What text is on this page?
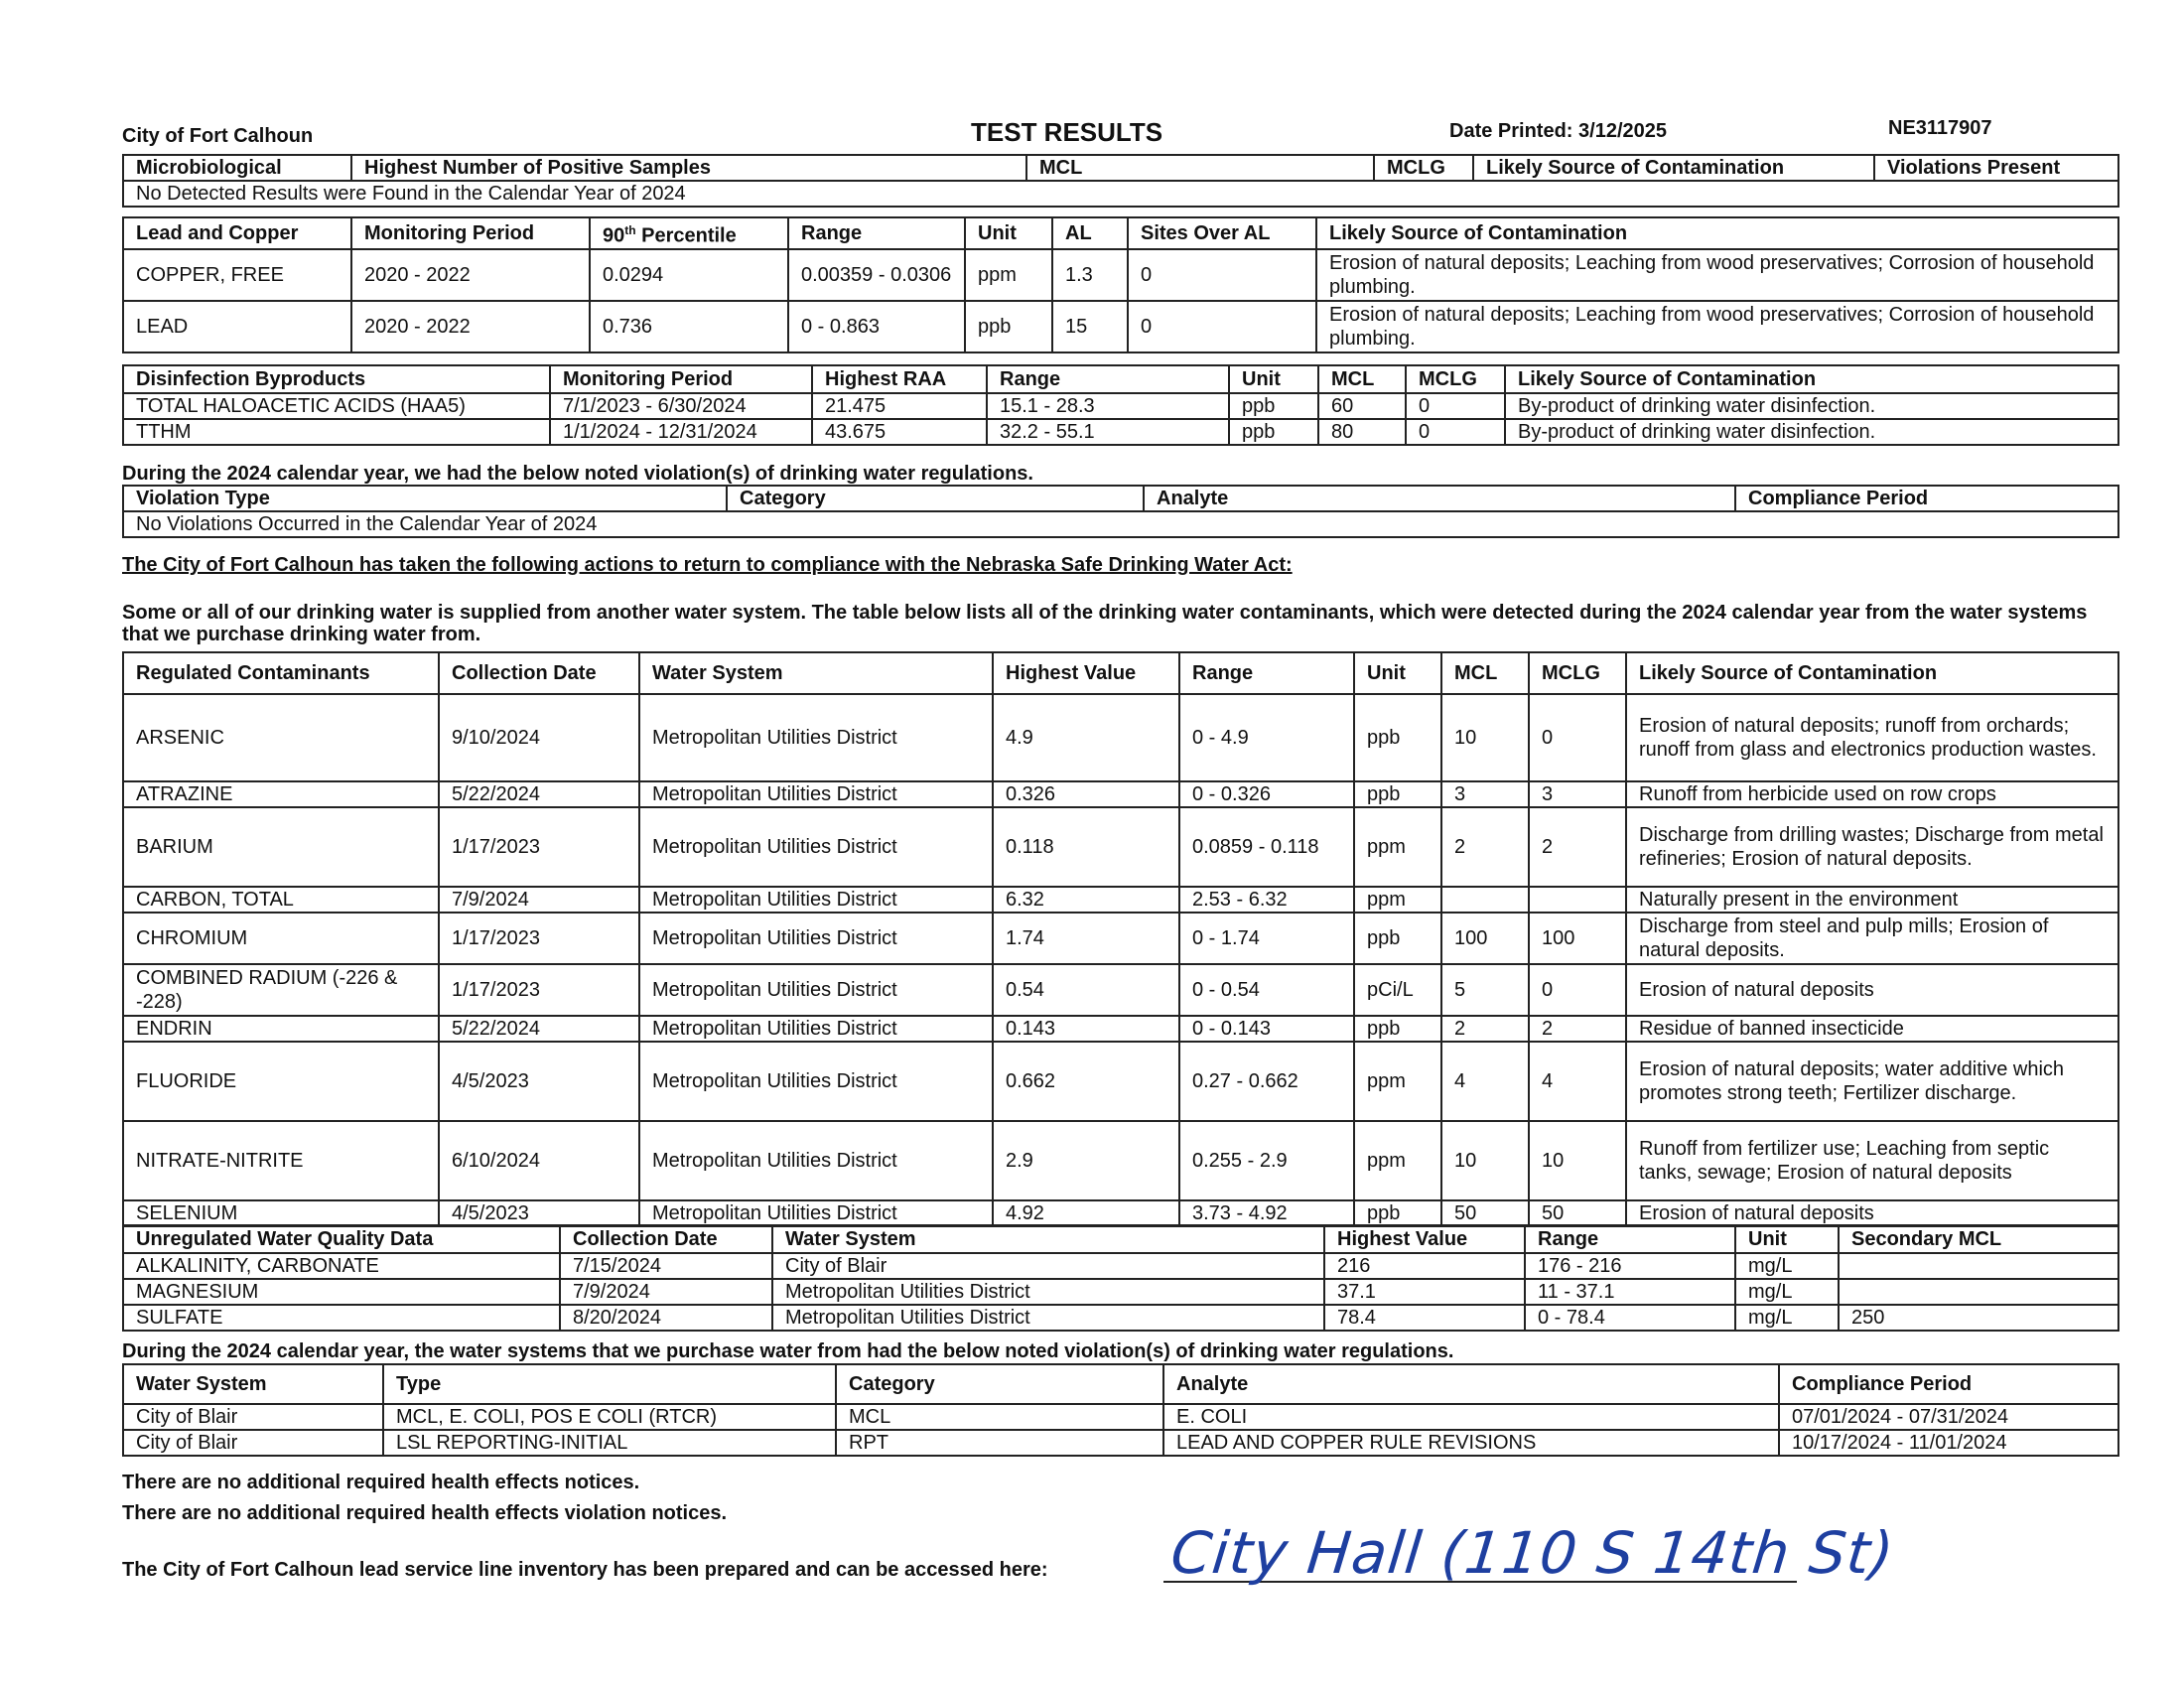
City of Fort Calhoun	TEST RESULTS	Date Printed: 3/12/2025	NE3117907
Microbiological	Highest Number of Positive Samples	MCL	MCLG	Likely Source of Contamination	Violations Present
No Detected Results were Found in the Calendar Year of 2024
Lead and Copper	Monitoring Period	90th Percentile	Range	Unit	AL	Sites Over AL	Likely Source of Contamination
COPPER, FREE	2020 - 2022	0.0294	0.00359 - 0.0306	ppm	1.3	0	Erosion of natural deposits; Leaching from wood preservatives; Corrosion of household plumbing.
LEAD	2020 - 2022	0.736	0 - 0.863	ppb	15	0	Erosion of natural deposits; Leaching from wood preservatives; Corrosion of household plumbing.
Disinfection Byproducts	Monitoring Period	Highest RAA	Range	Unit	MCL	MCLG	Likely Source of Contamination
TOTAL HALOACETIC ACIDS (HAA5)	7/1/2023 - 6/30/2024	21.475	15.1 - 28.3	ppb	60	0	By-product of drinking water disinfection.
TTHM	1/1/2024 - 12/31/2024	43.675	32.2 - 55.1	ppb	80	0	By-product of drinking water disinfection.
During the 2024 calendar year, we had the below noted violation(s) of drinking water regulations.
Violation Type	Category	Analyte	Compliance Period
No Violations Occurred in the Calendar Year of 2024
The City of Fort Calhoun has taken the following actions to return to compliance with the Nebraska Safe Drinking Water Act:
Some or all of our drinking water is supplied from another water system. The table below lists all of the drinking water contaminants, which were detected during the 2024 calendar year from the water systems that we purchase drinking water from.
Regulated Contaminants	Collection Date	Water System	Highest Value	Range	Unit	MCL	MCLG	Likely Source of Contamination
ARSENIC	9/10/2024	Metropolitan Utilities District	4.9	0 - 4.9	ppb	10	0	Erosion of natural deposits; runoff from orchards; runoff from glass and electronics production wastes.
ATRAZINE	5/22/2024	Metropolitan Utilities District	0.326	0 - 0.326	ppb	3	3	Runoff from herbicide used on row crops
BARIUM	1/17/2023	Metropolitan Utilities District	0.118	0.0859 - 0.118	ppm	2	2	Discharge from drilling wastes; Discharge from metal refineries; Erosion of natural deposits.
CARBON, TOTAL	7/9/2024	Metropolitan Utilities District	6.32	2.53 - 6.32	ppm			Naturally present in the environment
CHROMIUM	1/17/2023	Metropolitan Utilities District	1.74	0 - 1.74	ppb	100	100	Discharge from steel and pulp mills; Erosion of natural deposits.
COMBINED RADIUM (-226 & -228)	1/17/2023	Metropolitan Utilities District	0.54	0 - 0.54	pCi/L	5	0	Erosion of natural deposits
ENDRIN	5/22/2024	Metropolitan Utilities District	0.143	0 - 0.143	ppb	2	2	Residue of banned insecticide
FLUORIDE	4/5/2023	Metropolitan Utilities District	0.662	0.27 - 0.662	ppm	4	4	Erosion of natural deposits; water additive which promotes strong teeth; Fertilizer discharge.
NITRATE-NITRITE	6/10/2024	Metropolitan Utilities District	2.9	0.255 - 2.9	ppm	10	10	Runoff from fertilizer use; Leaching from septic tanks, sewage; Erosion of natural deposits
SELENIUM	4/5/2023	Metropolitan Utilities District	4.92	3.73 - 4.92	ppb	50	50	Erosion of natural deposits
Unregulated Water Quality Data	Collection Date	Water System	Highest Value	Range	Unit	Secondary MCL
ALKALINITY, CARBONATE	7/15/2024	City of Blair	216	176 - 216	mg/L	
MAGNESIUM	7/9/2024	Metropolitan Utilities District	37.1	11 - 37.1	mg/L	
SULFATE	8/20/2024	Metropolitan Utilities District	78.4	0 - 78.4	mg/L	250
During the 2024 calendar year, the water systems that we purchase water from had the below noted violation(s) of drinking water regulations.
Water System	Type	Category	Analyte	Compliance Period
City of Blair	MCL, E. COLI, POS E COLI (RTCR)	MCL	E. COLI	07/01/2024 - 07/31/2024
City of Blair	LSL REPORTING-INITIAL	RPT	LEAD AND COPPER RULE REVISIONS	10/17/2024 - 11/01/2024
There are no additional required health effects notices.
There are no additional required health effects violation notices.
The City of Fort Calhoun lead service line inventory has been prepared and can be accessed here: City Hall (110 S 14th St)
